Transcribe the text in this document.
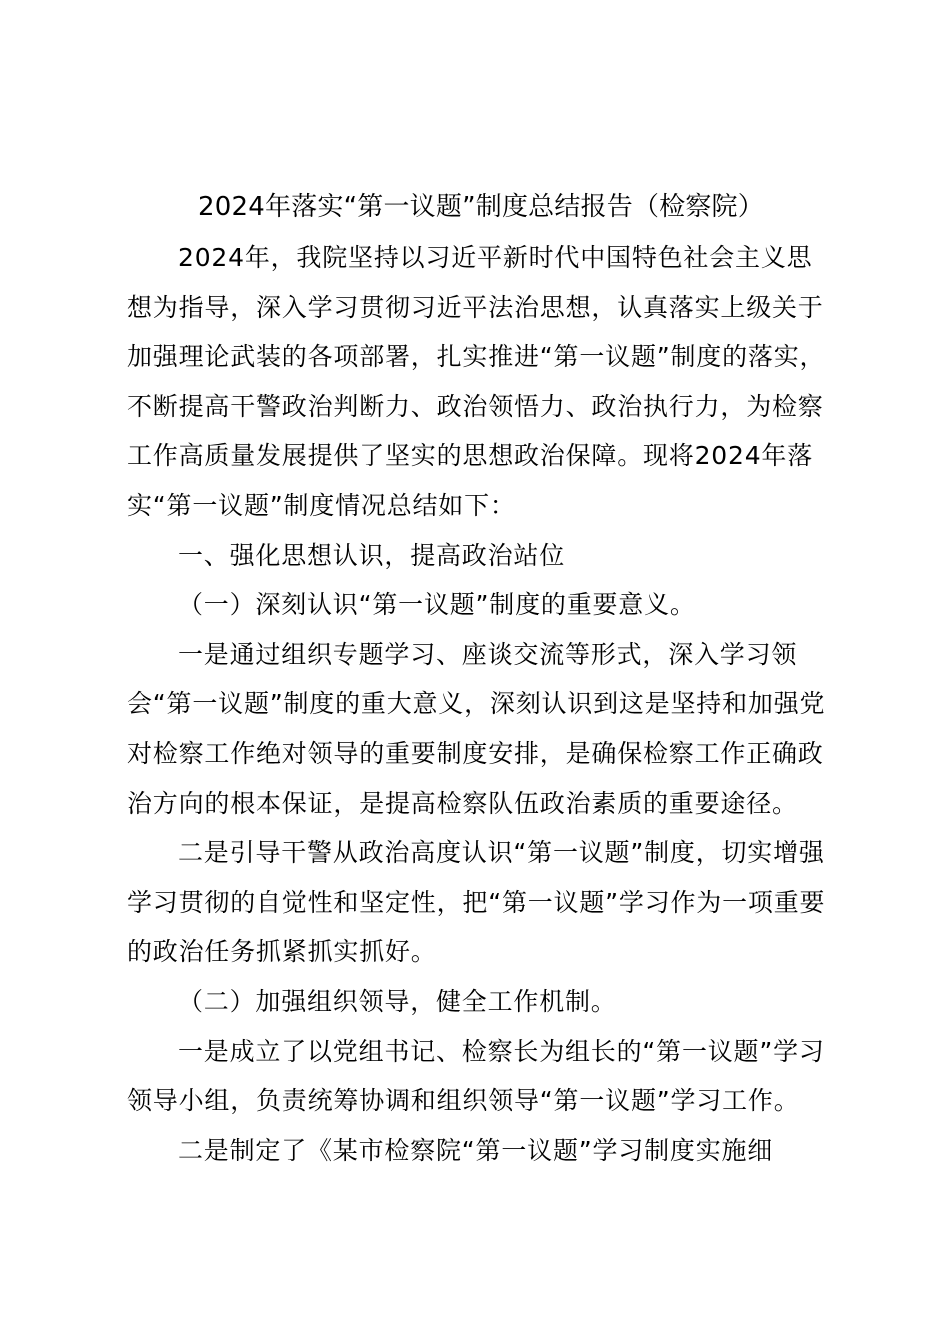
2024年落实“第一议题”制度总结报告（检察院）

2024年，我院坚持以习近平新时代中国特色社会主义思想为指导，深入学习贯彻习近平法治思想，认真落实上级关于加强理论武装的各项部署，扎实推进“第一议题”制度的落实，不断提高干警政治判断力、政治领悟力、政治执行力，为检察工作高质量发展提供了坚实的思想政治保障。现将2024年落实“第一议题”制度情况总结如下：

一、强化思想认识，提高政治站位

（一）深刻认识“第一议题”制度的重要意义。

一是通过组织专题学习、座谈交流等形式，深入学习领会“第一议题”制度的重大意义，深刻认识到这是坚持和加强党对检察工作绝对领导的重要制度安排，是确保检察工作正确政治方向的根本保证，是提高检察队伍政治素质的重要途径。

二是引导干警从政治高度认识“第一议题”制度，切实增强学习贯彻的自觉性和坚定性，把“第一议题”学习作为一项重要的政治任务抓紧抓实抓好。

（二）加强组织领导，健全工作机制。

一是成立了以党组书记、检察长为组长的“第一议题”学习领导小组，负责统筹协调和组织领导“第一议题”学习工作。

二是制定了《某市检察院“第一议题”学习制度实施细
